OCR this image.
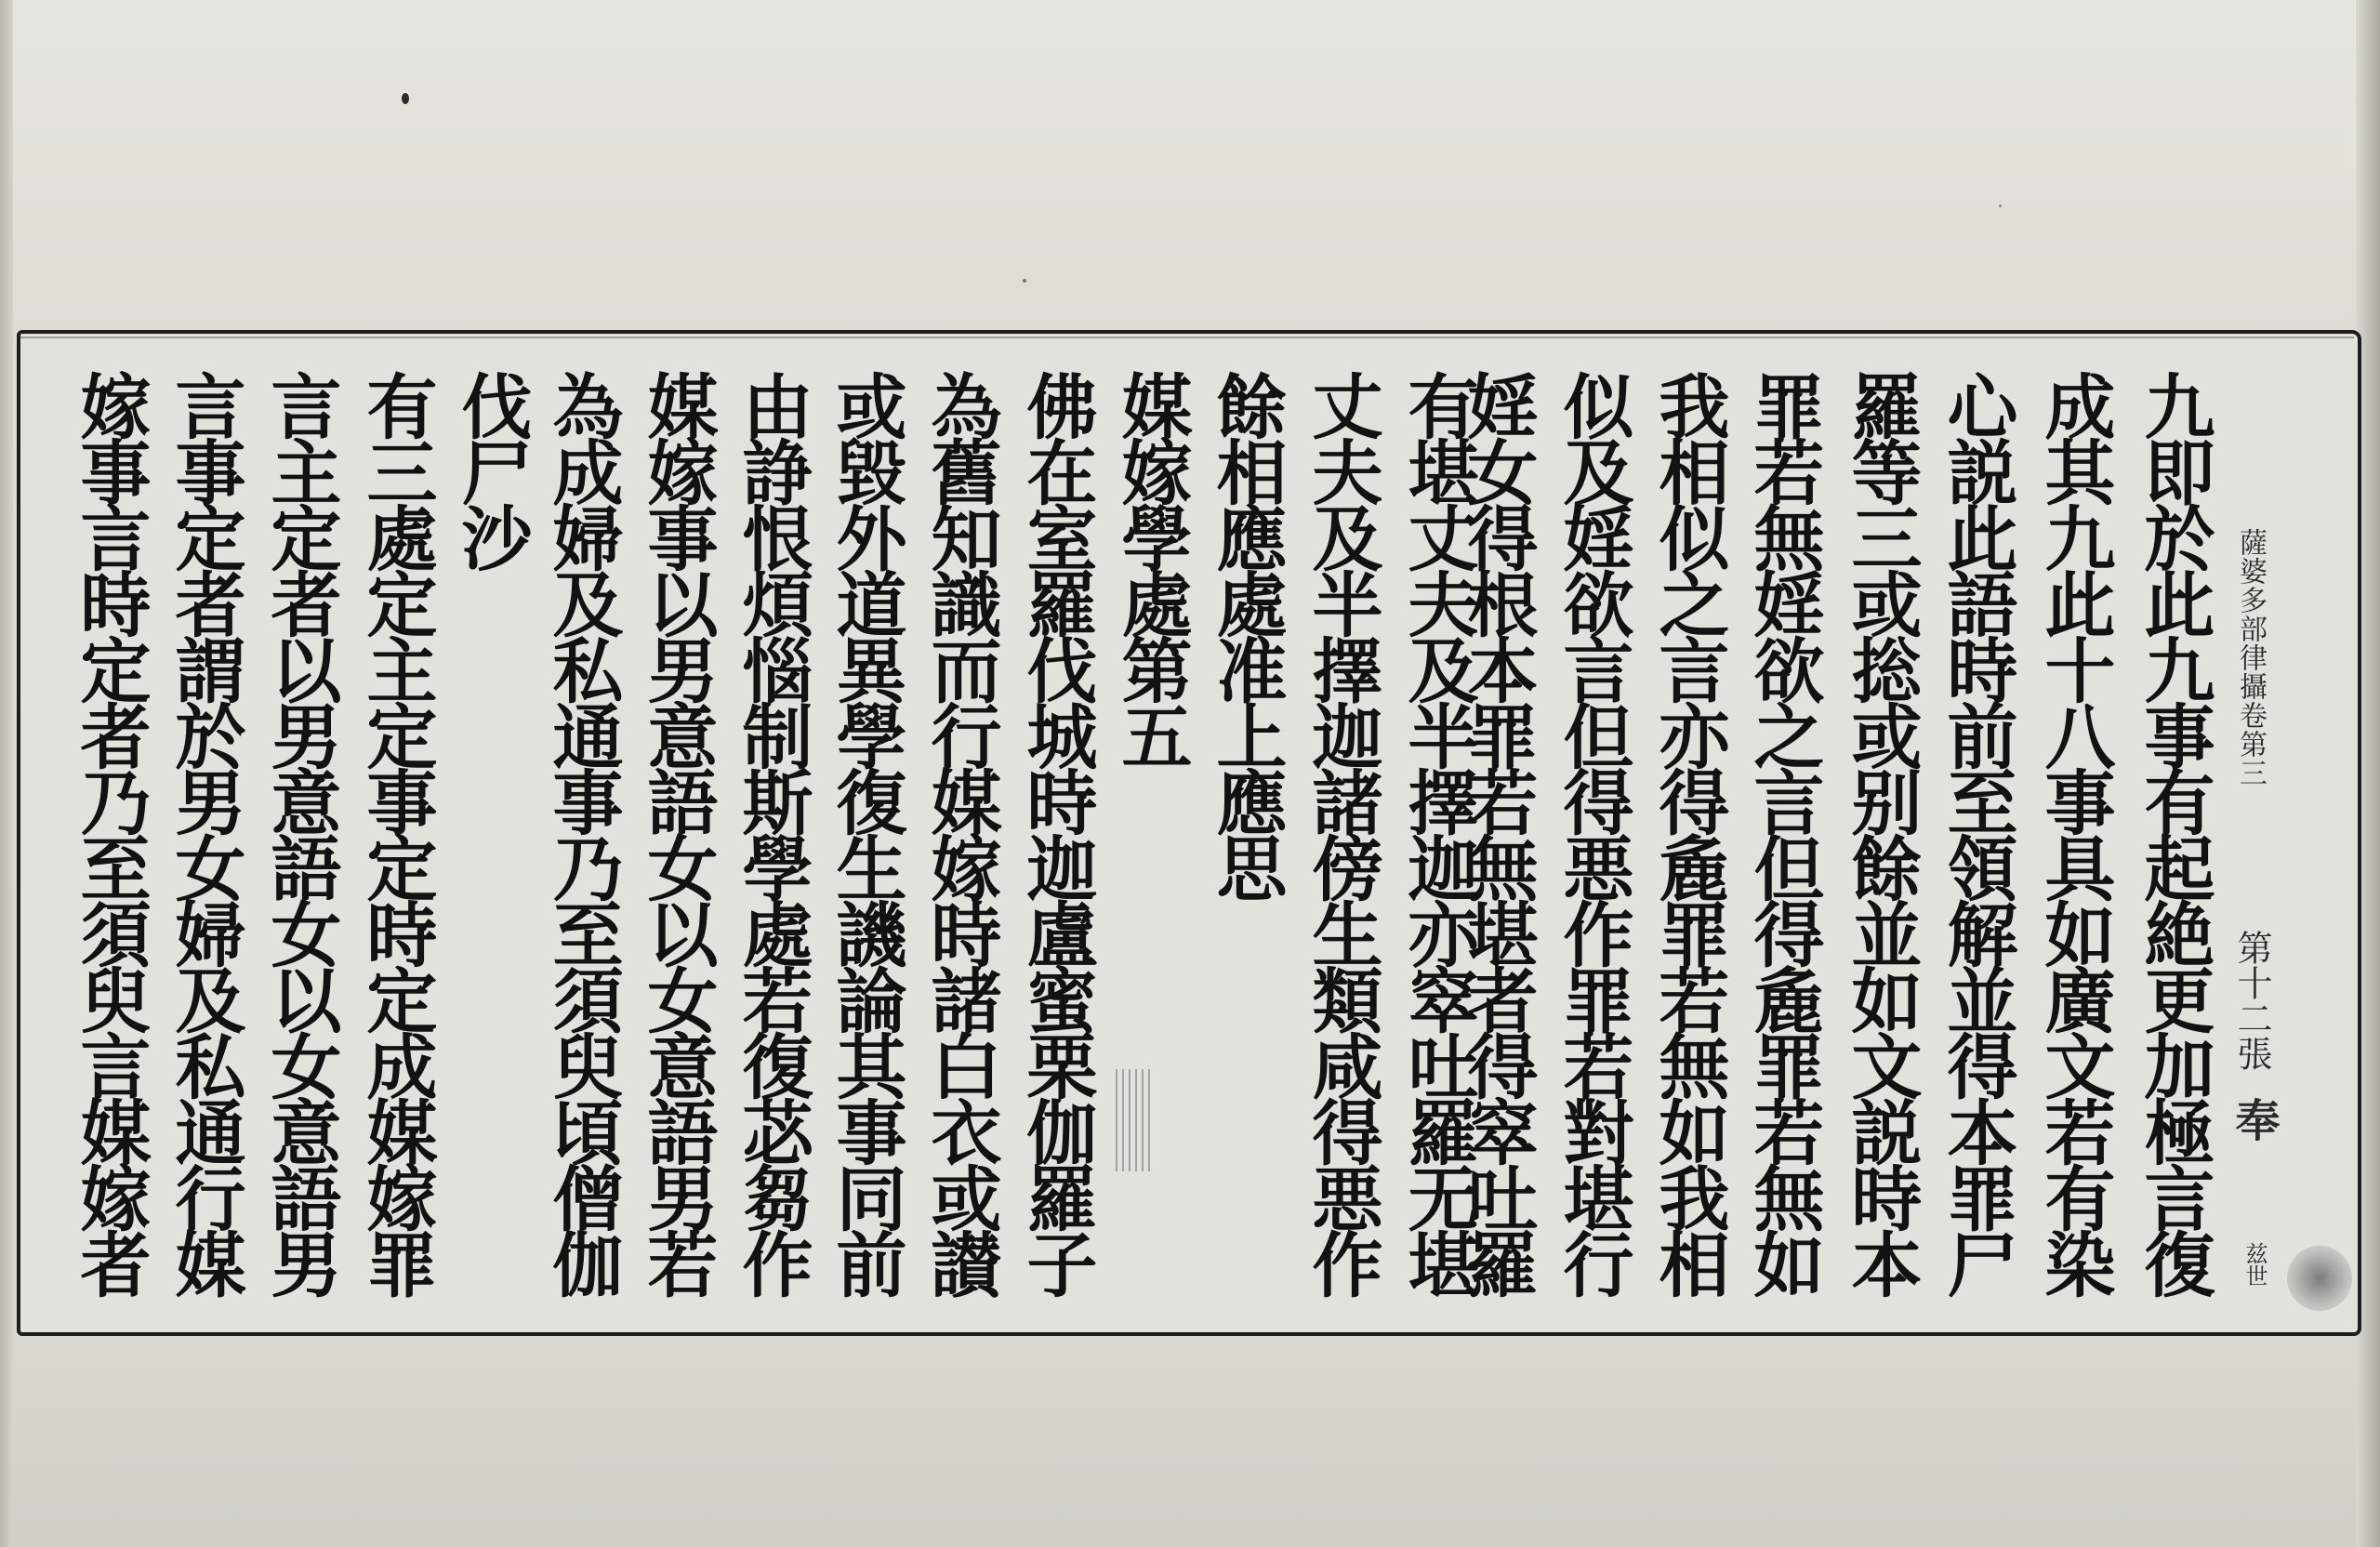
九即於此九事有起絶更加極言復
成其九此十八事具如廣文若有染
心説此語時前至領解並得本罪尸
羅等三或捴或别餘並如文説時本
罪若無婬欲之言但得麁罪若無如
我相似之言亦得麁罪若無如我相
似及婬欲言但得悪作罪若對堪行
婬女得根本罪若無堪者得窣吐羅
有堪丈夫及半擇迦亦窣吐羅无堪
丈夫及半擇迦諸傍生類咸得悪作
餘相應處准上應思
媒嫁學處第五
佛在室羅伐城時迦盧蜜栗伽羅子
為舊知識而行媒嫁時諸白衣或讃
或毀外道異學復生譏論其事同前
由諍恨煩惱制斯學處若復苾芻作
媒嫁事以男意語女以女意語男若
為成婦及私通事乃至須臾頃僧伽
伐尸沙
有三處定主定事定時定成媒嫁罪
言主定者以男意語女以女意語男
言事定者謂於男女婦及私通行媒
嫁事言時定者乃至須臾言媒嫁者	薩婆多部律攝卷第三
第十二張
奉
兹世
